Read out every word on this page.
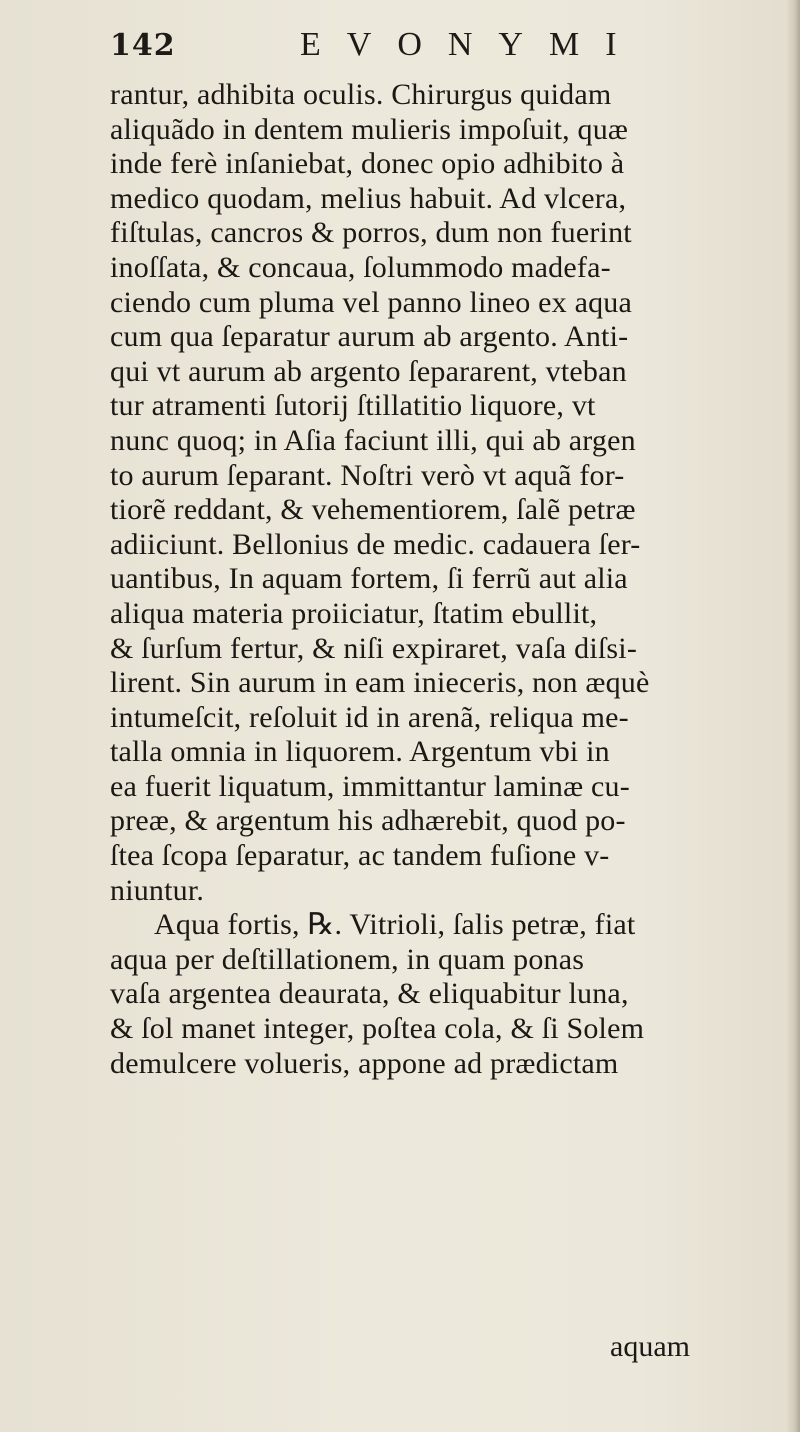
142	EVONYMI
rantur, adhibita oculis. Chirurgus quidam
aliquãdo in dentem mulieris impoſuit, quæ
inde ferè inſaniebat, donec opio adhibito à
medico quodam, melius habuit. Ad vlcera,
fiſtulas, cancros & porros, dum non fuerint
inoſſata, & concaua, ſolummodo madefa-
ciendo cum pluma vel panno lineo ex aqua
cum qua ſeparatur aurum ab argento. Anti-
qui vt aurum ab argento ſepararent, vteban
tur atramenti ſutorij ſtillatitio liquore, vt
nunc quoq; in Aſia faciunt illi, qui ab argen
to aurum ſeparant. Noſtri verò vt aquã for-
tiorẽ reddant, & vehementiorem, ſalẽ petræ
adiiciunt. Bellonius de medic. cadauera ſer-
uantibus, In aquam fortem, ſi ferrũ aut alia
aliqua materia proiiciatur, ſtatim ebullit,
& ſurſum fertur, & niſi expiraret, vaſa diſsi-
lirent. Sin aurum in eam inieceris, non æquè
intumeſcit, reſoluit id in arenã, reliqua me-
talla omnia in liquorem. Argentum vbi in
ea fuerit liquatum, immittantur laminæ cu-
preæ, & argentum his adhærebit, quod po-
ſtea ſcopa ſeparatur, ac tandem fuſione v-
niuntur.
Aqua fortis, ℞. Vitrioli, ſalis petræ, fiat
aqua per deſtillationem, in quam ponas
vaſa argentea deaurata, & eliquabitur luna,
& ſol manet integer, poſtea cola, & ſi Solem
demulcere volueris, appone ad prædictam
aquam
